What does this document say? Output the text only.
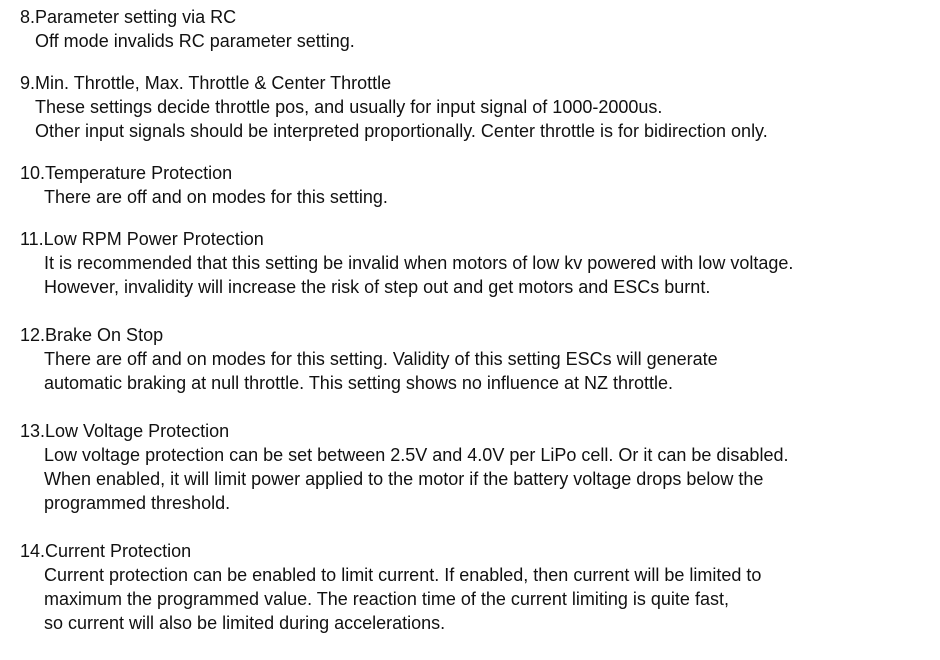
8.Parameter setting via RC
Off mode invalids RC parameter setting.
9.Min. Throttle, Max. Throttle & Center Throttle
These settings decide throttle pos, and usually for input signal of 1000-2000us.
Other input signals should be interpreted proportionally. Center throttle is for bidirection only.
10.Temperature Protection
There are off and on modes for this setting.
11.Low RPM Power Protection
It is recommended that this setting be invalid when motors of low kv powered with low voltage.
However, invalidity will increase the risk of step out and get motors and ESCs burnt.
12.Brake On Stop
There are off and on modes for this setting. Validity of this setting ESCs will generate
automatic braking at null throttle. This setting shows no influence at NZ throttle.
13.Low Voltage Protection
Low voltage protection can be set between 2.5V and 4.0V per LiPo cell. Or it can be disabled.
When enabled, it will limit power applied to the motor if the battery voltage drops below the
programmed threshold.
14.Current Protection
Current protection can be enabled to limit current. If enabled, then current will be limited to
maximum the programmed value. The reaction time of the current limiting is quite fast,
so current will also be limited during accelerations.
